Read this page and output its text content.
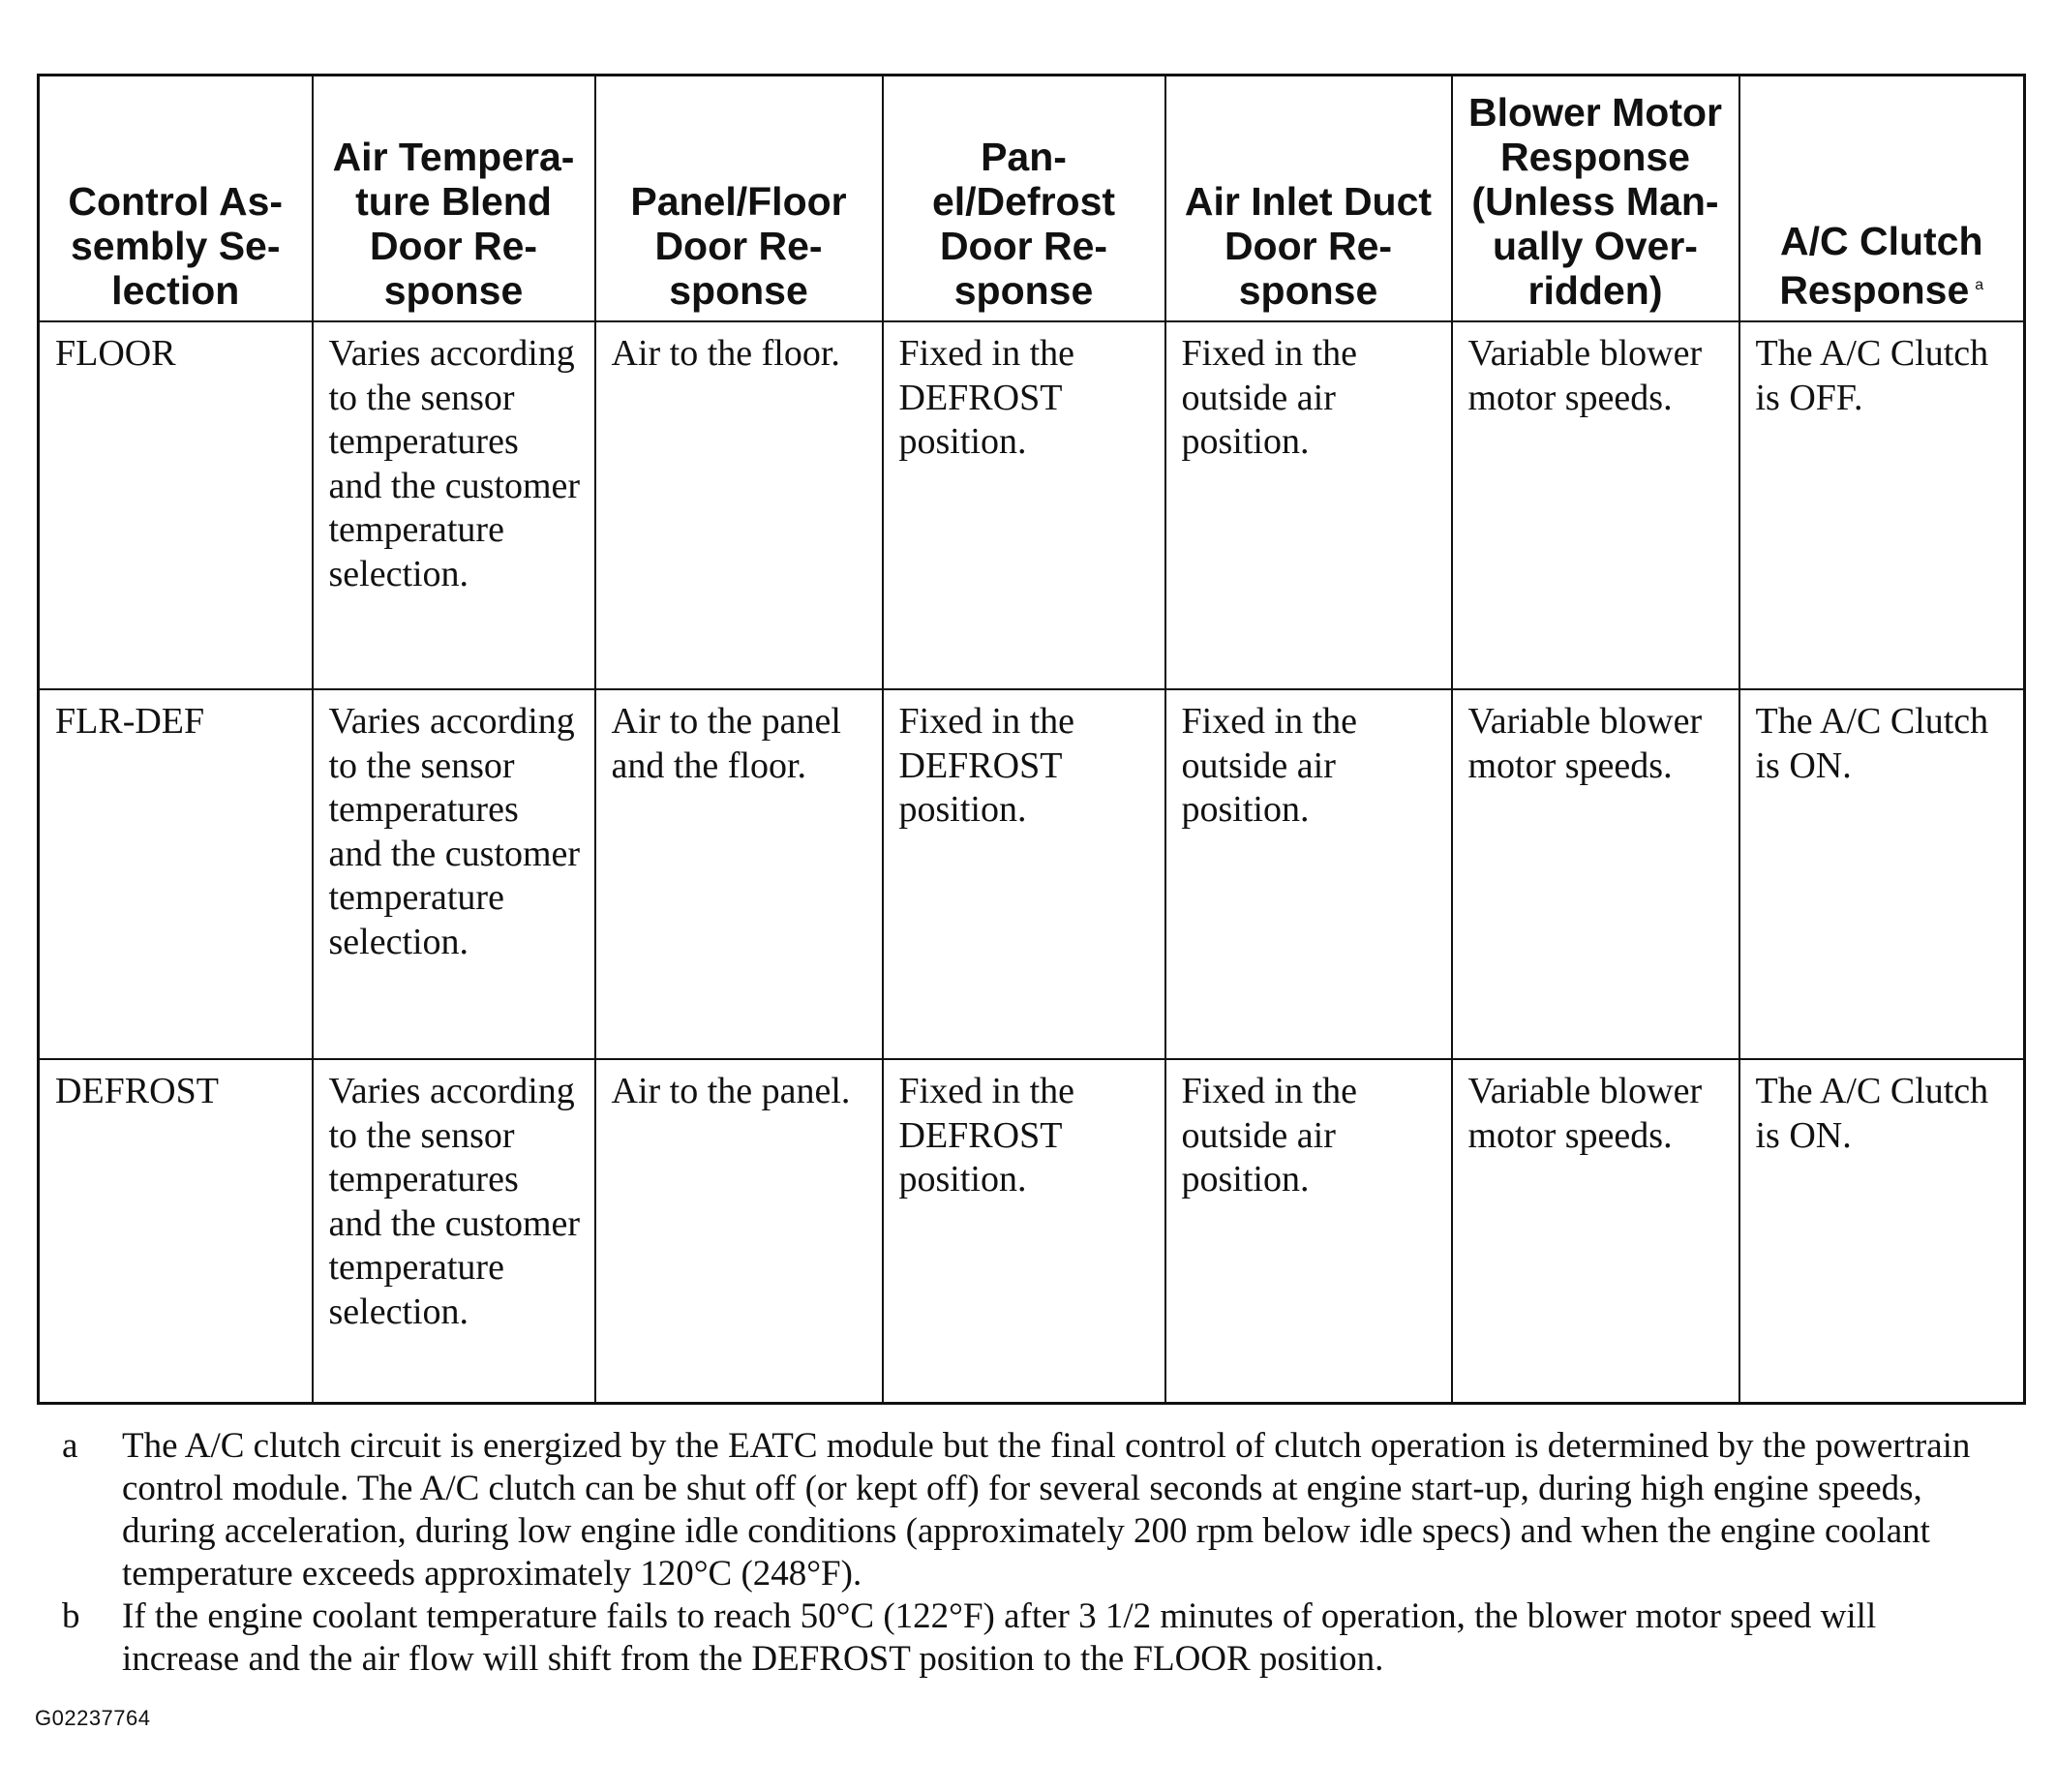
Control As-sembly Se-lection	Air Tempera-ture Blend Door Re-sponse	Panel/Floor Door Re-sponse	Pan-el/Defrost Door Re-sponse	Air Inlet Duct Door Re-sponse	Blower Motor Response (Unless Man-ually Over-ridden)	A/C Clutch Response $^a$
FLOOR	Varies according to the sensor temperatures and the customer temperature selection.	Air to the floor.	Fixed in the DEFROST position.	Fixed in the outside air position.	Variable blower motor speeds.	The A/C Clutch is OFF.
FLR-DEF	Varies according to the sensor temperatures and the customer temperature selection.	Air to the panel and the floor.	Fixed in the DEFROST position.	Fixed in the outside air position.	Variable blower motor speeds.	The A/C Clutch is ON.
DEFROST	Varies according to the sensor temperatures and the customer temperature selection.	Air to the panel.	Fixed in the DEFROST position.	Fixed in the outside air position.	Variable blower motor speeds.	The A/C Clutch is ON.

a	The A/C clutch circuit is energized by the EATC module but the final control of clutch operation is determined by the powertrain control module. The A/C clutch can be shut off (or kept off) for several seconds at engine start-up, during high engine speeds, during acceleration, during low engine idle conditions (approximately 200 rpm below idle specs) and when the engine coolant temperature exceeds approximately 120°C (248°F).

b	If the engine coolant temperature fails to reach 50°C (122°F) after 3 1/2 minutes of operation, the blower motor speed will increase and the air flow will shift from the DEFROST position to the FLOOR position.

G02237764
